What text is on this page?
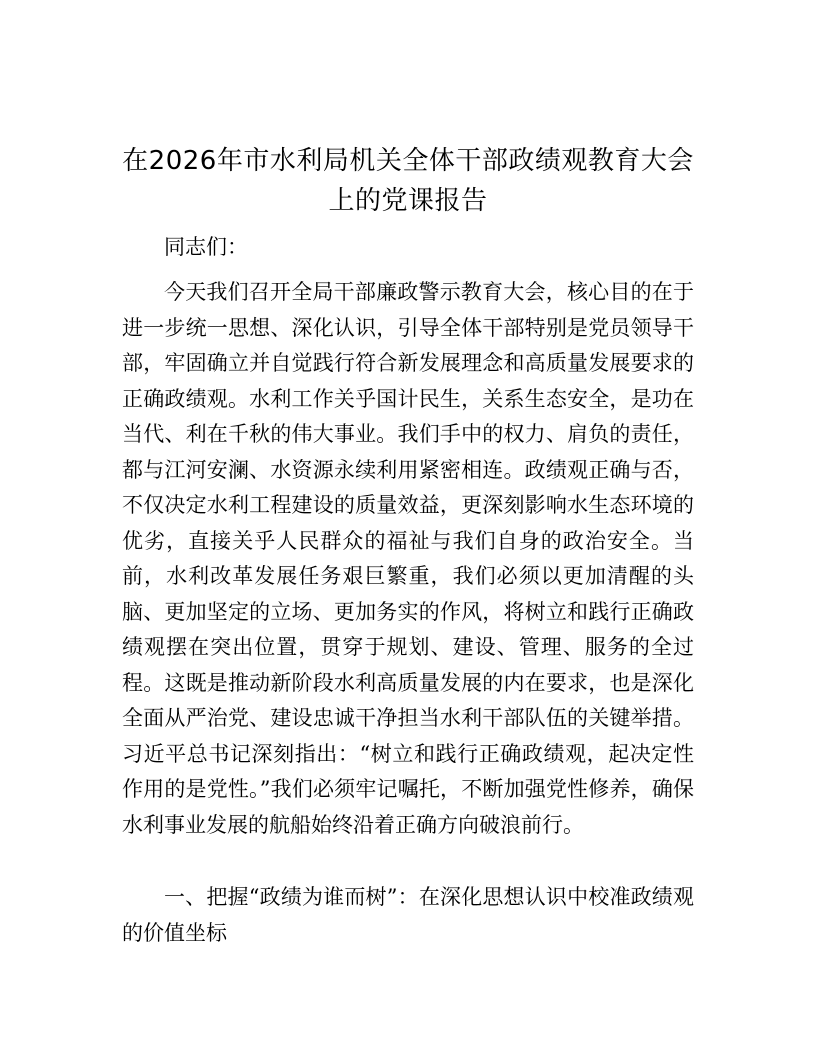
在2026年市水利局机关全体干部政绩观教育大会上的党课报告

同志们：

今天我们召开全局干部廉政警示教育大会，核心目的在于进一步统一思想、深化认识，引导全体干部特别是党员领导干部，牢固确立并自觉践行符合新发展理念和高质量发展要求的正确政绩观。水利工作关乎国计民生，关系生态安全，是功在当代、利在千秋的伟大事业。我们手中的权力、肩负的责任，都与江河安澜、水资源永续利用紧密相连。政绩观正确与否，不仅决定水利工程建设的质量效益，更深刻影响水生态环境的优劣，直接关乎人民群众的福祉与我们自身的政治安全。当前，水利改革发展任务艰巨繁重，我们必须以更加清醒的头脑、更加坚定的立场、更加务实的作风，将树立和践行正确政绩观摆在突出位置，贯穿于规划、建设、管理、服务的全过程。这既是推动新阶段水利高质量发展的内在要求，也是深化全面从严治党、建设忠诚干净担当水利干部队伍的关键举措。习近平总书记深刻指出：“树立和践行正确政绩观，起决定性作用的是党性。”我们必须牢记嘱托，不断加强党性修养，确保水利事业发展的航船始终沿着正确方向破浪前行。

一、把握“政绩为谁而树”：在深化思想认识中校准政绩观的价值坐标
